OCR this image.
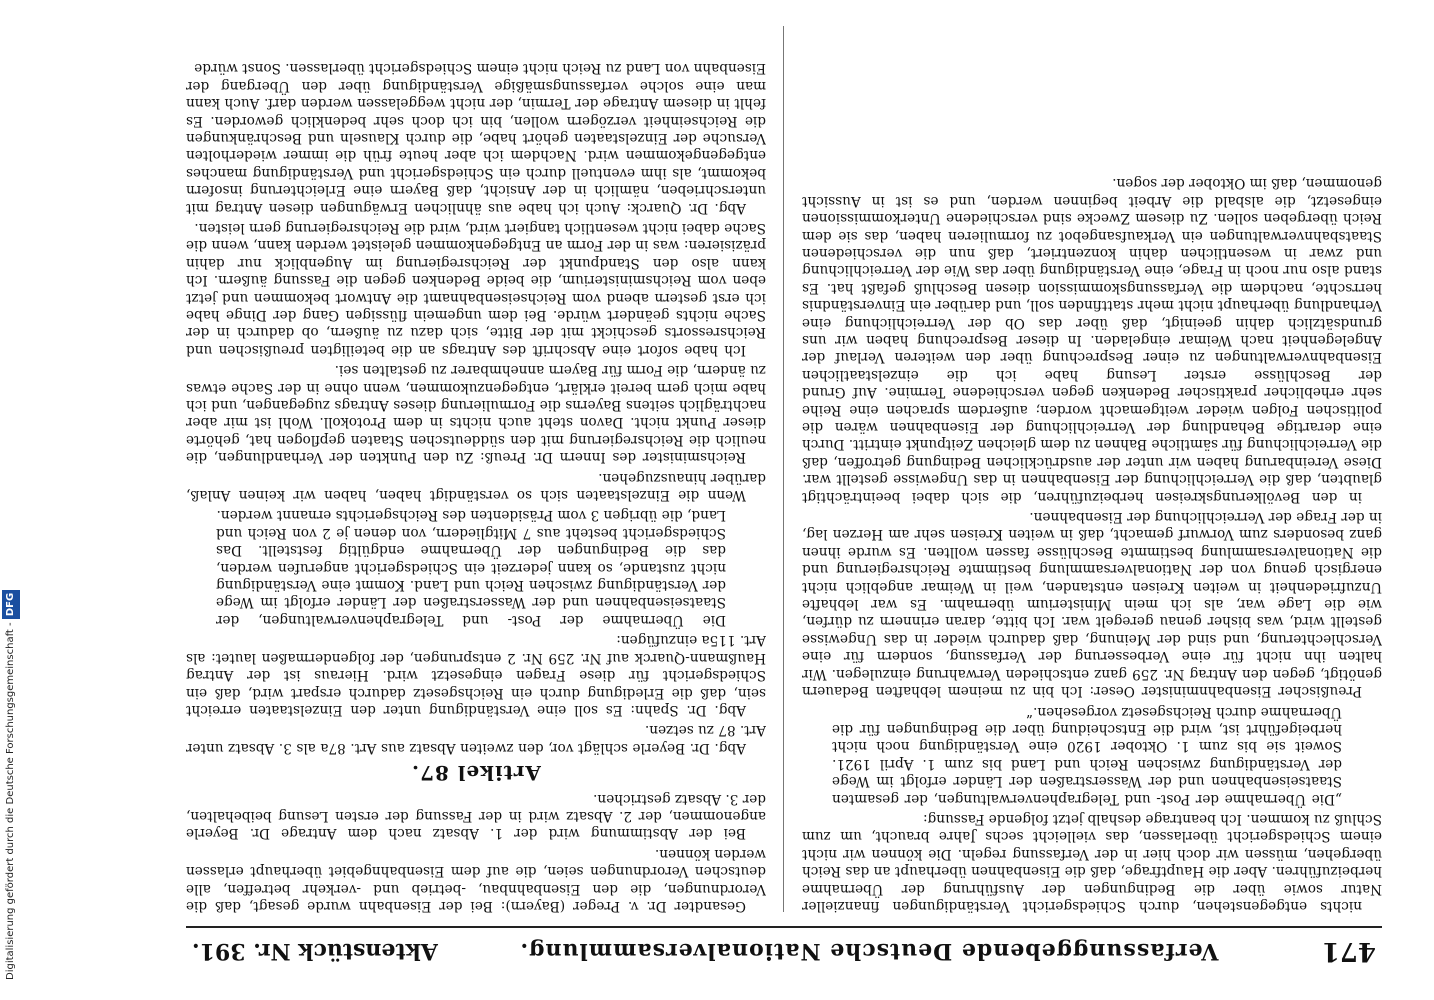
471
Verfassunggebende Deutsche Nationalversammlung.
Aktenstück Nr. 391.

nichts entgegenstehen, durch Schiedsgericht Verständigungen finanzieller Natur sowie über die Bedingungen der Ausführung der Übernahme herbeizuführen. Aber die Hauptfrage, daß die Eisenbahnen überhaupt an das Reich übergehen, müssen wir doch hier in der Verfassung regeln. Die können wir nicht einem Schiedsgericht überlassen, das vielleicht sechs Jahre braucht, um zum Schluß zu kommen. Ich beantrage deshalb jetzt folgende Fassung:

„Die Übernahme der Post- und Telegraphenverwaltungen, der gesamten Staatseisenbahnen und der Wasserstraßen der Länder erfolgt im Wege der Verständigung zwischen Reich und Land bis zum 1. April 1921. Soweit sie bis zum 1. Oktober 1920 eine Verständigung noch nicht herbeigeführt ist, wird die Entscheidung über die Bedingungen für die Übernahme durch Reichsgesetz vorgesehen.“

Preußischer Eisenbahnminister Oeser: Ich bin zu meinem lebhaften Bedauern genötigt, gegen den Antrag Nr. 259 ganz entschieden Verwahrung einzulegen. Wir halten ihn nicht für eine Verbesserung der Verfassung, sondern für eine Verschlechterung, und sind der Meinung, daß dadurch wieder in das Ungewisse gestellt wird, was bisher genau geregelt war. Ich bitte, daran erinnern zu dürfen, wie die Lage war, als ich mein Ministerium übernahm. Es war lebhafte Unzufriedenheit in weiten Kreisen entstanden, weil in Weimar angeblich nicht energisch genug von der Nationalversammlung bestimmte Reichsregierung und die Nationalversammlung bestimmte Beschlüsse fassen wollten. Es wurde ihnen ganz besonders zum Vorwurf gemacht, daß in weiten Kreisen sehr am Herzen lag, in der Frage der Verreichlichung der Eisenbahnen.

in den Bevölkerungskreisen herbeizuführen, die sich dabei beeinträchtigt glaubten, daß die Verreichlichung der Eisenbahnen in das Ungewisse gestellt war. Diese Vereinbarung haben wir unter der ausdrücklichen Bedingung getroffen, daß die Verreichlichung für sämtliche Bahnen zu dem gleichen Zeitpunkt eintritt. Durch eine derartige Behandlung der Verreichlichung der Eisenbahnen wären die politischen Folgen wieder weitgemacht worden; außerdem sprachen eine Reihe sehr erheblicher praktischer Bedenken gegen verschiedene Termine. Auf Grund der Beschlüsse erster Lesung habe ich die einzelstaatlichen Eisenbahnverwaltungen zu einer Besprechung über den weiteren Verlauf der Angelegenheit nach Weimar eingeladen. In dieser Besprechung haben wir uns grundsätzlich dahin geeinigt, daß über das Ob der Verreichlichung eine Verhandlung überhaupt nicht mehr stattfinden soll, und darüber ein Einverständnis herrschte, nachdem die Verfassungskommission diesen Beschluß gefaßt hat. Es stand also nur noch in Frage, eine Verständigung über das Wie der Verreichlichung und zwar in wesentlichen dahin konzentriert, daß nun die verschiedenen Staatsbahnverwaltungen ein Verkaufsangebot zu formulieren haben, das sie dem Reich übergeben sollen. Zu diesem Zwecke sind verschiedene Unterkommissionen eingesetzt, die alsbald die Arbeit beginnen werden, und es ist in Aussicht genommen, daß im Oktober der sogen.

Gesandter Dr. v. Preger (Bayern): Bei der Eisenbahn wurde gesagt, daß die Verordnungen, die den Eisenbahnbau, -betrieb und -verkehr betreffen, alle deutschen Verordnungen seien, die auf dem Eisenbahngebiet überhaupt erlassen werden können.

Bei der Abstimmung wird der 1. Absatz nach dem Antrage Dr. Beyerle angenommen, der 2. Absatz wird in der Fassung der ersten Lesung beibehalten, der 3. Absatz gestrichen.

Artikel 87.

Abg. Dr. Beyerle schlägt vor, den zweiten Absatz aus Art. 87a als 3. Absatz unter Art. 87 zu setzen.

Abg. Dr. Spahn: Es soll eine Verständigung unter den Einzelstaaten erreicht sein, daß die Erledigung durch ein Reichsgesetz dadurch erspart wird, daß ein Schiedsgericht für diese Fragen eingesetzt wird. Hieraus ist der Antrag Haußmann-Quarck auf Nr. 259 Nr. 2 entsprungen, der folgendermaßen lautet: als Art. 115a einzufügen:

Die Übernahme der Post- und Telegraphenverwaltungen, der Staatseisenbahnen und der Wasserstraßen der Länder erfolgt im Wege der Verständigung zwischen Reich und Land. Kommt eine Verständigung nicht zustande, so kann jederzeit ein Schiedsgericht angerufen werden, das die Bedingungen der Übernahme endgültig feststellt. Das Schiedsgericht besteht aus 7 Mitgliedern, von denen je 2 von Reich und Land, die übrigen 3 vom Präsidenten des Reichsgerichts ernannt werden.

Wenn die Einzelstaaten sich so verständigt haben, haben wir keinen Anlaß, darüber hinauszugehen.

Reichsminister des Innern Dr. Preuß: Zu den Punkten der Verhandlungen, die neulich die Reichsregierung mit den süddeutschen Staaten gepflogen hat, gehörte dieser Punkt nicht. Davon steht auch nichts in dem Protokoll. Wohl ist mir aber nachträglich seitens Bayerns die Formulierung dieses Antrags zugegangen, und ich habe mich gern bereit erklärt, entgegenzukommen, wenn ohne in der Sache etwas zu ändern, die Form für Bayern annehmbarer zu gestalten sei.

Ich habe sofort eine Abschrift des Antrags an die beteiligten preußischen und Reichsressorts geschickt mit der Bitte, sich dazu zu äußern, ob dadurch in der Sache nichts geändert würde. Bei dem ungemein flüssigen Gang der Dinge habe ich erst gestern abend vom Reichseisenbahnamt die Antwort bekommen und jetzt eben vom Reichsministerium, die beide Bedenken gegen die Fassung äußern. Ich kann also den Standpunkt der Reichsregierung im Augenblick nur dahin präzisieren: was in der Form an Entgegenkommen geleistet werden kann, wenn die Sache dabei nicht wesentlich tangiert wird, wird die Reichsregierung gern leisten.

Abg. Dr. Quarck: Auch ich habe aus ähnlichen Erwägungen diesen Antrag mit unterschrieben, nämlich in der Ansicht, daß Bayern eine Erleichterung insofern bekommt, als ihm eventuell durch ein Schiedsgericht und Verständigung manches entgegengekommen wird. Nachdem ich aber heute früh die immer wiederholten Versuche der Einzelstaaten gehört habe, die durch Klauseln und Beschränkungen die Reichseinheit verzögern wollen, bin ich doch sehr bedenklich geworden. Es fehlt in diesem Antrage der Termin, der nicht weggelassen werden darf. Auch kann man eine solche verfassungsmäßige Verständigung über den Übergang der Eisenbahn von Land zu Reich nicht einem Schiedsgericht überlassen. Sonst würde

Digitalisierung gefördert durch die Deutsche Forschungsgemeinschaft - DFG
